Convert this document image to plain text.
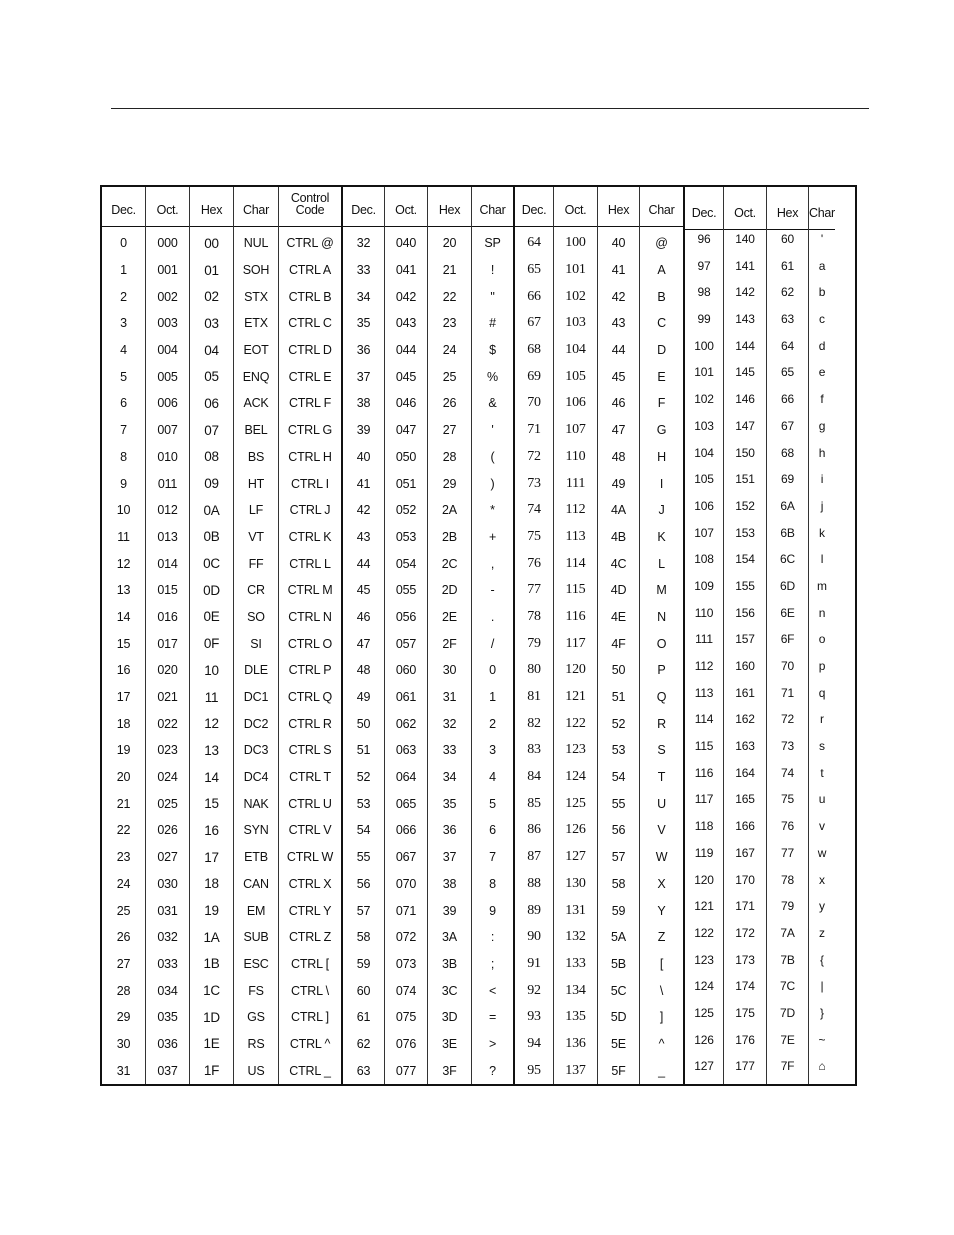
Dec.
0
1
2
3
4
5
6
7
8
9
10
11
12
13
14
15
16
17
18
19
20
21
22
23
24
25
26
27
28
29
30
31
Oct.
000
001
002
003
004
005
006
007
010
011
012
013
014
015
016
017
020
021
022
023
024
025
026
027
030
031
032
033
034
035
036
037
Hex
00
01
02
03
04
05
06
07
08
09
0A
0B
0C
0D
0E
0F
10
11
12
13
14
15
16
17
18
19
1A
1B
1C
1D
1E
1F
Char
NUL
SOH
STX
ETX
EOT
ENQ
ACK
BEL
BS
HT
LF
VT
FF
CR
SO
SI
DLE
DC1
DC2
DC3
DC4
NAK
SYN
ETB
CAN
EM
SUB
ESC
FS
GS
RS
US
Control
Code
CTRL @
CTRL A
CTRL B
CTRL C
CTRL D
CTRL E
CTRL F
CTRL G
CTRL H
CTRL I
CTRL J
CTRL K
CTRL L
CTRL M
CTRL N
CTRL O
CTRL P
CTRL Q
CTRL R
CTRL S
CTRL T
CTRL U
CTRL V
CTRL W
CTRL X
CTRL Y
CTRL Z
CTRL [
CTRL \
CTRL ]
CTRL ^
CTRL _
Dec.
32
33
34
35
36
37
38
39
40
41
42
43
44
45
46
47
48
49
50
51
52
53
54
55
56
57
58
59
60
61
62
63
Oct.
040
041
042
043
044
045
046
047
050
051
052
053
054
055
056
057
060
061
062
063
064
065
066
067
070
071
072
073
074
075
076
077
Hex
20
21
22
23
24
25
26
27
28
29
2A
2B
2C
2D
2E
2F
30
31
32
33
34
35
36
37
38
39
3A
3B
3C
3D
3E
3F
Char
SP
!
"
#
$
%
&
'
(
)
*
+
,
-
.
/
0
1
2
3
4
5
6
7
8
9
:
;
<
=
>
?
Dec.
64
65
66
67
68
69
70
71
72
73
74
75
76
77
78
79
80
81
82
83
84
85
86
87
88
89
90
91
92
93
94
95
Oct.
100
101
102
103
104
105
106
107
110
111
112
113
114
115
116
117
120
121
122
123
124
125
126
127
130
131
132
133
134
135
136
137
Hex
40
41
42
43
44
45
46
47
48
49
4A
4B
4C
4D
4E
4F
50
51
52
53
54
55
56
57
58
59
5A
5B
5C
5D
5E
5F
Char
@
A
B
C
D
E
F
G
H
I
J
K
L
M
N
O
P
Q
R
S
T
U
V
W
X
Y
Z
[
\
]
^
_
Dec.
96
97
98
99
100
101
102
103
104
105
106
107
108
109
110
111
112
113
114
115
116
117
118
119
120
121
122
123
124
125
126
127
Oct.
140
141
142
143
144
145
146
147
150
151
152
153
154
155
156
157
160
161
162
163
164
165
166
167
170
171
172
173
174
175
176
177
Hex
60
61
62
63
64
65
66
67
68
69
6A
6B
6C
6D
6E
6F
70
71
72
73
74
75
76
77
78
79
7A
7B
7C
7D
7E
7F
Char
'
a
b
c
d
e
f
g
h
i
j
k
l
m
n
o
p
q
r
s
t
u
v
w
x
y
z
{
|
}
~
⌂
